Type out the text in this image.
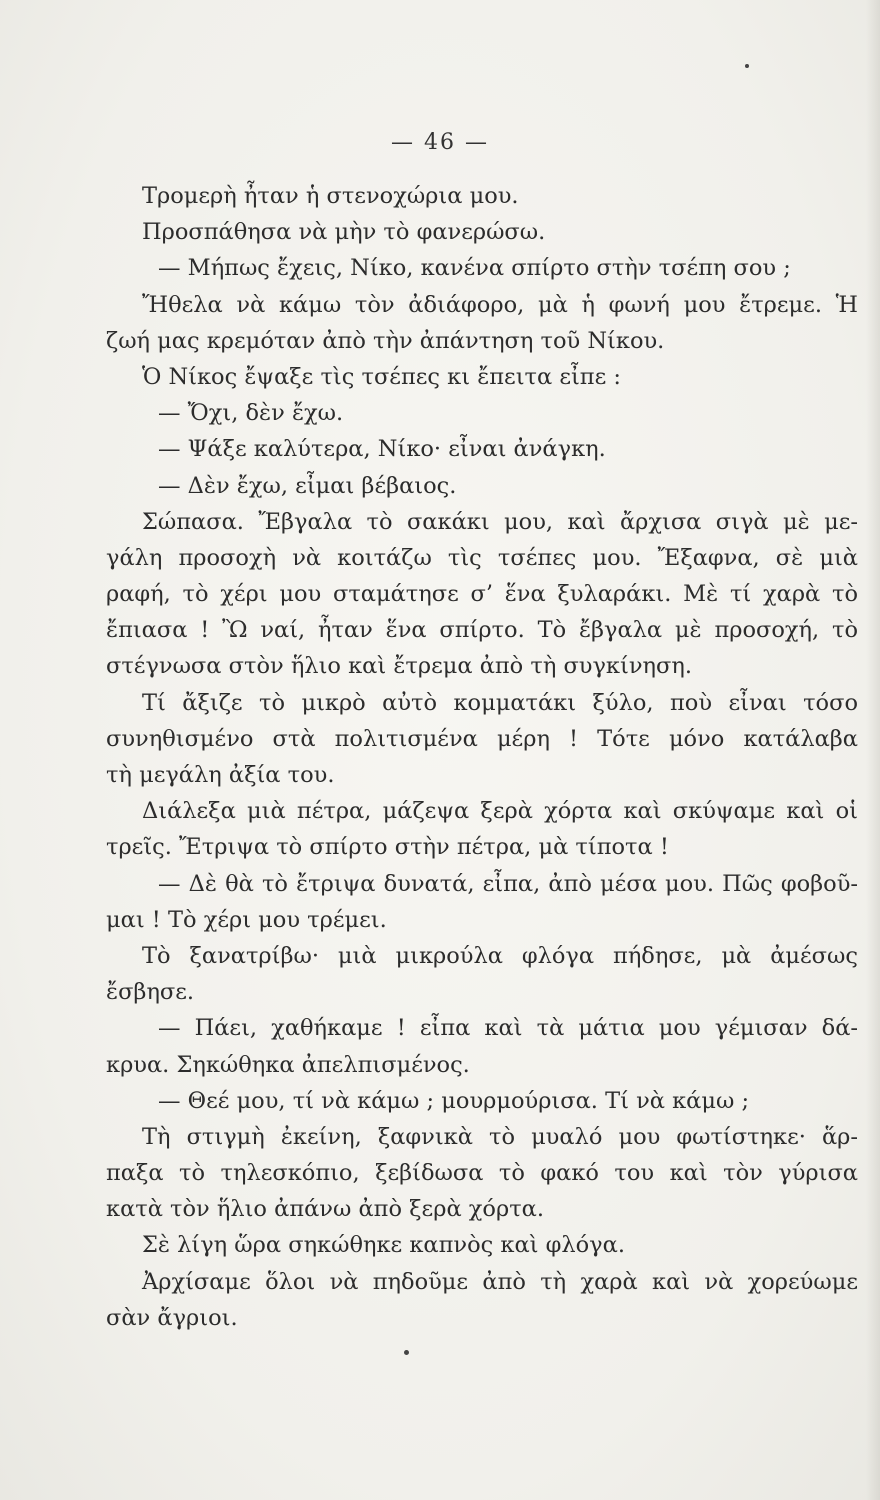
— 46 —
Τρομερὴ ἦταν ἡ στενοχώρια μου.
Προσπάθησα νὰ μὴν τὸ φανερώσω.
— Μήπως ἔχεις, Νίκο, κανένα σπίρτο στὴν τσέπη σου ;
Ἤθελα νὰ κάμω τὸν ἀδιάφορο, μὰ ἡ φωνή μου ἔτρεμε. Ἡ
ζωή μας κρεμόταν ἀπὸ τὴν ἀπάντηση τοῦ Νίκου.
Ὁ Νίκος ἔψαξε τὶς τσέπες κι ἔπειτα εἶπε :
— Ὄχι, δὲν ἔχω.
— Ψάξε καλύτερα, Νίκο· εἶναι ἀνάγκη.
— Δὲν ἔχω, εἶμαι βέβαιος.
Σώπασα. Ἔβγαλα τὸ σακάκι μου, καὶ ἄρχισα σιγὰ μὲ με-
γάλη προσοχὴ νὰ κοιτάζω τὶς τσέπες μου. Ἔξαφνα, σὲ μιὰ
ραφή, τὸ χέρι μου σταμάτησε σ’ ἕνα ξυλαράκι. Μὲ τί χαρὰ τὸ
ἔπιασα ! Ὢ ναί, ἦταν ἕνα σπίρτο. Τὸ ἔβγαλα μὲ προσοχή, τὸ
στέγνωσα στὸν ἥλιο καὶ ἔτρεμα ἀπὸ τὴ συγκίνηση.
Τί ἄξιζε τὸ μικρὸ αὐτὸ κομματάκι ξύλο, ποὺ εἶναι τόσο
συνηθισμένο στὰ πολιτισμένα μέρη ! Τότε μόνο κατάλαβα
τὴ μεγάλη ἀξία του.
Διάλεξα μιὰ πέτρα, μάζεψα ξερὰ χόρτα καὶ σκύψαμε καὶ οἱ
τρεῖς. Ἔτριψα τὸ σπίρτο στὴν πέτρα, μὰ τίποτα !
— Δὲ θὰ τὸ ἔτριψα δυνατά, εἶπα, ἀπὸ μέσα μου. Πῶς φοβοῦ-
μαι ! Τὸ χέρι μου τρέμει.
Τὸ ξανατρίβω· μιὰ μικρούλα φλόγα πήδησε, μὰ ἀμέσως
ἔσβησε.
— Πάει, χαθήκαμε ! εἶπα καὶ τὰ μάτια μου γέμισαν δά-
κρυα. Σηκώθηκα ἀπελπισμένος.
— Θεέ μου, τί νὰ κάμω ; μουρμούρισα. Τί νὰ κάμω ;
Τὴ στιγμὴ ἐκείνη, ξαφνικὰ τὸ μυαλό μου φωτίστηκε· ἅρ-
παξα τὸ τηλεσκόπιο, ξεβίδωσα τὸ φακό του καὶ τὸν γύρισα
κατὰ τὸν ἥλιο ἀπάνω ἀπὸ ξερὰ χόρτα.
Σὲ λίγη ὥρα σηκώθηκε καπνὸς καὶ φλόγα.
Ἀρχίσαμε ὅλοι νὰ πηδοῦμε ἀπὸ τὴ χαρὰ καὶ νὰ χορεύωμε
σὰν ἄγριοι.
